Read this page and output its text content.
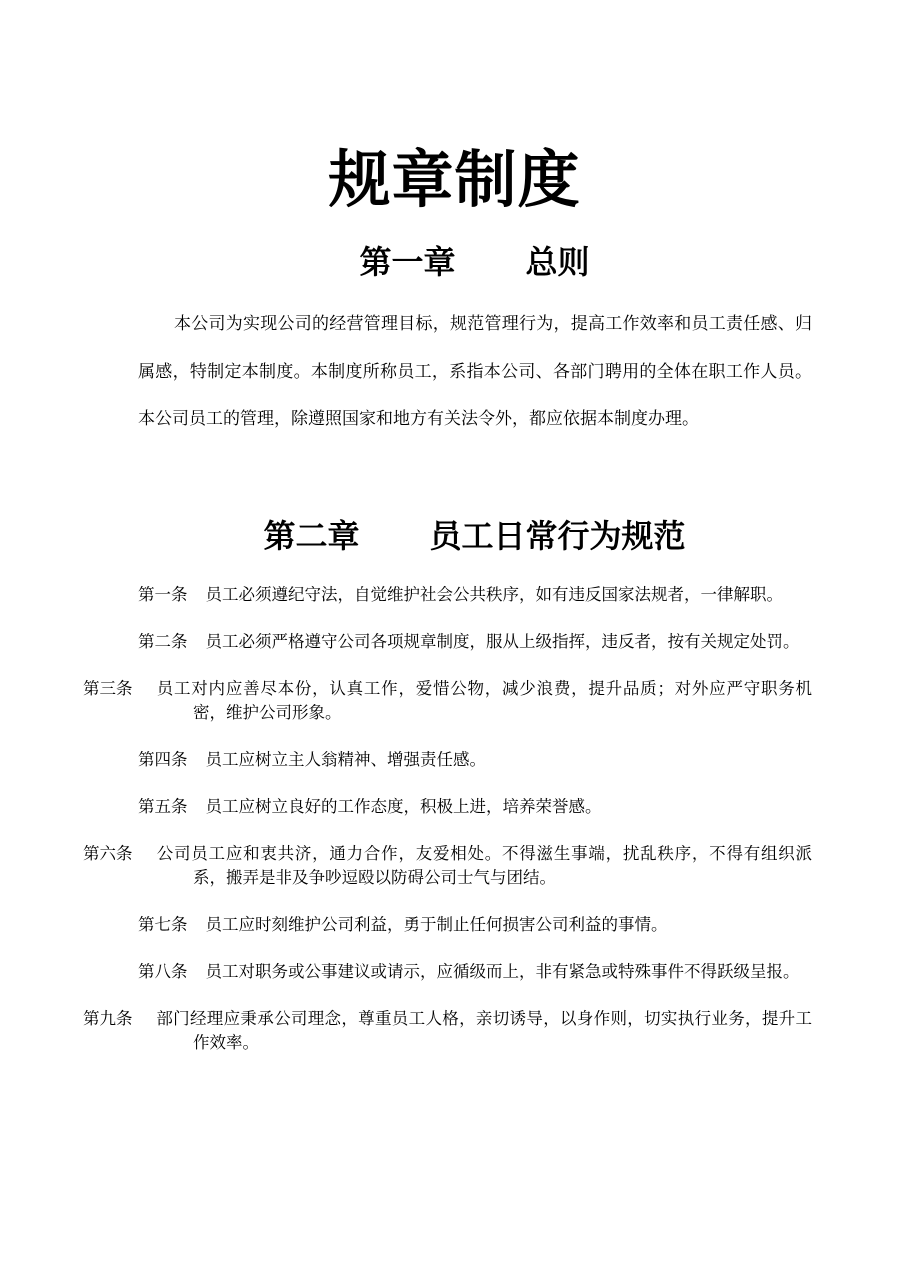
规章制度
第一章 总则
本公司为实现公司的经营管理目标，规范管理行为，提高工作效率和员工责任感、归属感，特制定本制度。本制度所称员工，系指本公司、各部门聘用的全体在职工作人员。本公司员工的管理，除遵照国家和地方有关法令外，都应依据本制度办理。
第二章 员工日常行为规范
第一条 员工必须遵纪守法，自觉维护社会公共秩序，如有违反国家法规者，一律解职。
第二条 员工必须严格遵守公司各项规章制度，服从上级指挥，违反者，按有关规定处罚。
第三条 员工对内应善尽本份，认真工作，爱惜公物，减少浪费，提升品质；对外应严守职务机密，维护公司形象。
第四条 员工应树立主人翁精神、增强责任感。
第五条 员工应树立良好的工作态度，积极上进，培养荣誉感。
第六条 公司员工应和衷共济，通力合作，友爱相处。不得滋生事端，扰乱秩序，不得有组织派系，搬弄是非及争吵逗殴以防碍公司士气与团结。
第七条 员工应时刻维护公司利益，勇于制止任何损害公司利益的事情。
第八条 员工对职务或公事建议或请示，应循级而上，非有紧急或特殊事件不得跃级呈报。
第九条 部门经理应秉承公司理念，尊重员工人格，亲切诱导，以身作则，切实执行业务，提升工作效率。
